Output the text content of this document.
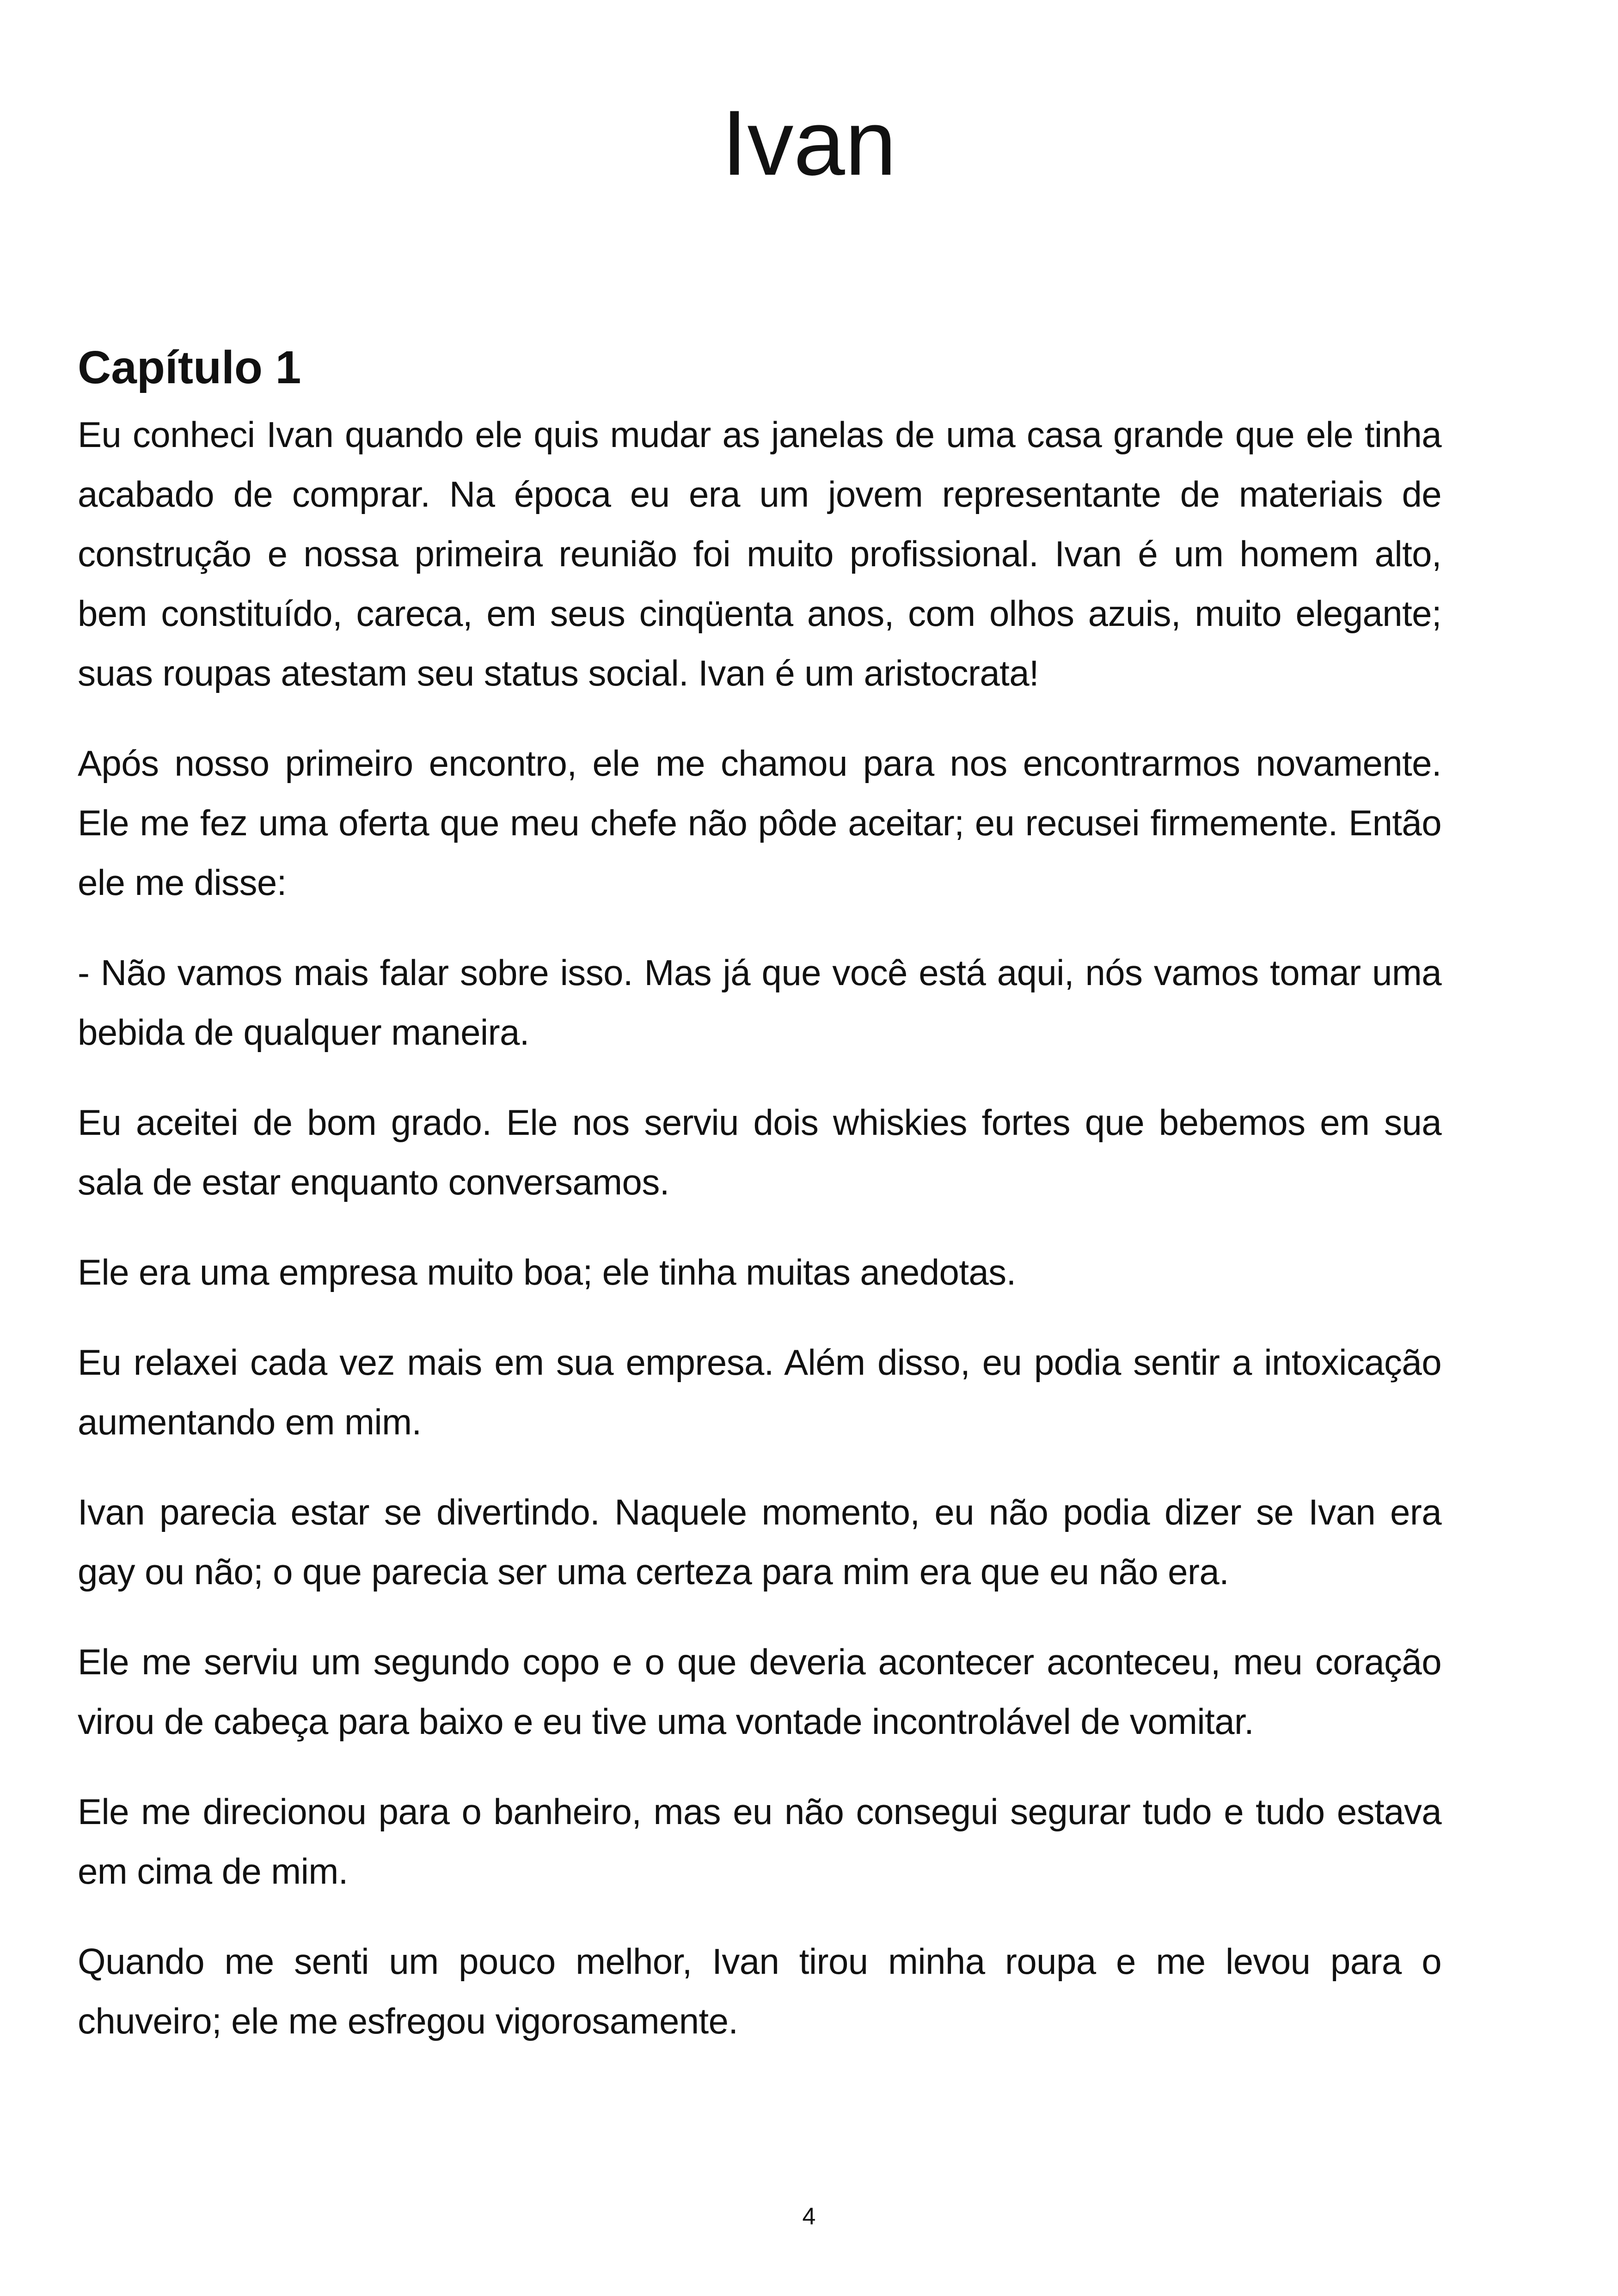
Ivan
Capítulo 1

Eu conheci Ivan quando ele quis mudar as janelas de uma casa grande que ele tinha acabado de comprar. Na época eu era um jovem representante de materiais de construção e nossa primeira reunião foi muito profissional. Ivan é um homem alto, bem constituído, careca, em seus cinqüenta anos, com olhos azuis, muito elegante; suas roupas atestam seu status social. Ivan é um aristocrata!

Após nosso primeiro encontro, ele me chamou para nos encontrarmos novamente. Ele me fez uma oferta que meu chefe não pôde aceitar; eu recusei firmemente. Então ele me disse:

- Não vamos mais falar sobre isso. Mas já que você está aqui, nós vamos tomar uma bebida de qualquer maneira.

Eu aceitei de bom grado. Ele nos serviu dois whiskies fortes que bebemos em sua sala de estar enquanto conversamos.

Ele era uma empresa muito boa; ele tinha muitas anedotas.

Eu relaxei cada vez mais em sua empresa. Além disso, eu podia sentir a intoxicação aumentando em mim.

Ivan parecia estar se divertindo. Naquele momento, eu não podia dizer se Ivan era gay ou não; o que parecia ser uma certeza para mim era que eu não era.

Ele me serviu um segundo copo e o que deveria acontecer aconteceu, meu coração virou de cabeça para baixo e eu tive uma vontade incontrolável de vomitar.

Ele me direcionou para o banheiro, mas eu não consegui segurar tudo e tudo estava em cima de mim.

Quando me senti um pouco melhor, Ivan tirou minha roupa e me levou para o chuveiro; ele me esfregou vigorosamente.

4
